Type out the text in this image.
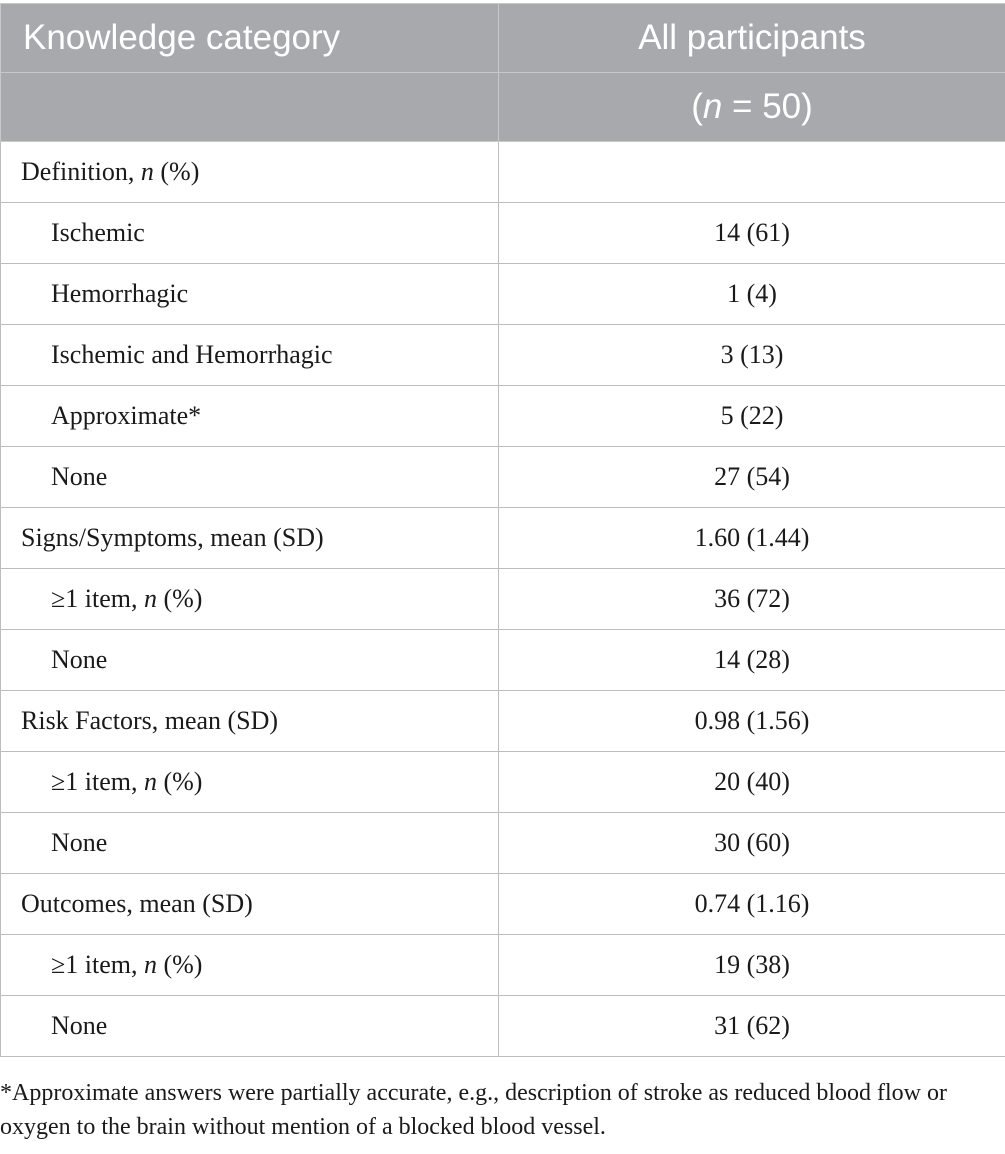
Knowledge category	All participants
	(n = 50)
Definition, n (%)	
Ischemic	14 (61)
Hemorrhagic	1 (4)
Ischemic and Hemorrhagic	3 (13)
Approximate*	5 (22)
None	27 (54)
Signs/Symptoms, mean (SD)	1.60 (1.44)
≥1 item, n (%)	36 (72)
None	14 (28)
Risk Factors, mean (SD)	0.98 (1.56)
≥1 item, n (%)	20 (40)
None	30 (60)
Outcomes, mean (SD)	0.74 (1.16)
≥1 item, n (%)	19 (38)
None	31 (62)
*Approximate answers were partially accurate, e.g., description of stroke as reduced blood flow or oxygen to the brain without mention of a blocked blood vessel.
